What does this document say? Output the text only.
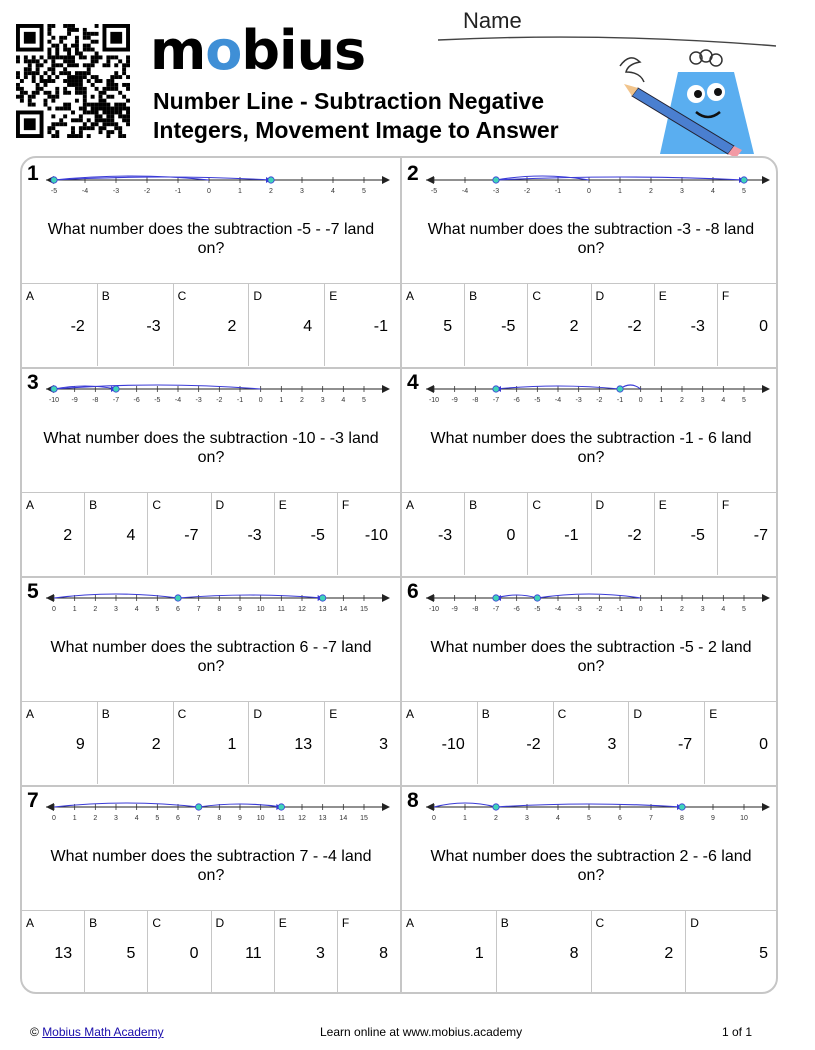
mobius
Number Line - Subtraction Negative
Integers, Movement Image to Answer
Name
1
-5	-4	-3	-2	-1	0	1	2	3	4	5
What number does the subtraction -5 - -7 land
on?
A
-2
B
-3
C
2
D
4
E
-1
2
-5	-4	-3	-2	-1	0	1	2	3	4	5
What number does the subtraction -3 - -8 land
on?
A
5
B
-5
C
2
D
-2
E
-3
F
0
3
-10 -9 -8 -7 -6 -5 -4 -3 -2 -1 0 1 2 3 4 5
What number does the subtraction -10 - -3 land
on?
A
2
B
4
C
-7
D
-3
E
-5
F
-10
4
-10 -9 -8 -7 -6 -5 -4 -3 -2 -1 0 1 2 3 4 5
What number does the subtraction -1 - 6 land
on?
A
-3
B
0
C
-1
D
-2
E
-5
F
-7
5
0 1 2 3 4 5 6 7 8 9 10 11 12 13 14 15
What number does the subtraction 6 - -7 land
on?
A
9
B
2
C
1
D
13
E
3
6
-10 -9 -8 -7 -6 -5 -4 -3 -2 -1 0 1 2 3 4 5
What number does the subtraction -5 - 2 land
on?
A
-10
B
-2
C
3
D
-7
E
0
7
0 1 2 3 4 5 6 7 8 9 10 11 12 13 14 15
What number does the subtraction 7 - -4 land
on?
A
13
B
5
C
0
D
11
E
3
F
8
8
0	1	2	3	4	5	6	7	8	9	10
What number does the subtraction 2 - -6 land
on?
A
1
B
8
C
2
D
5
© Mobius Math Academy	Learn online at www.mobius.academy	1 of 1
